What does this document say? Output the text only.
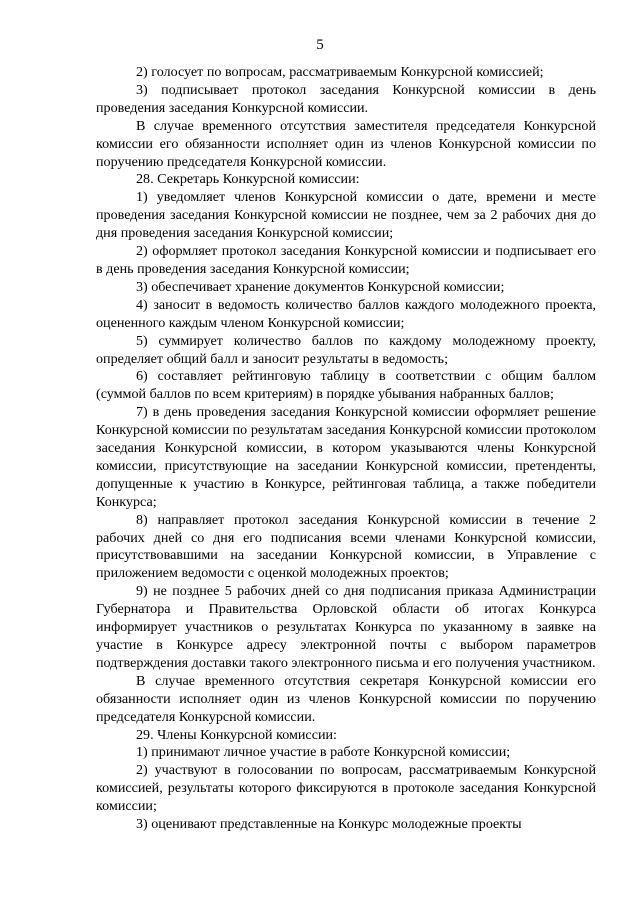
5

2) голосует по вопросам, рассматриваемым Конкурсной комиссией;

3) подписывает протокол заседания Конкурсной комиссии в день проведения заседания Конкурсной комиссии.

В случае временного отсутствия заместителя председателя Конкурсной комиссии его обязанности исполняет один из членов Конкурсной комиссии по поручению председателя Конкурсной комиссии.

28. Секретарь Конкурсной комиссии:

1) уведомляет членов Конкурсной комиссии о дате, времени и месте проведения заседания Конкурсной комиссии не позднее, чем за 2 рабочих дня до дня проведения заседания Конкурсной комиссии;

2) оформляет протокол заседания Конкурсной комиссии и подписывает его в день проведения заседания Конкурсной комиссии;

3) обеспечивает хранение документов Конкурсной комиссии;

4) заносит в ведомость количество баллов каждого молодежного проекта, оцененного каждым членом Конкурсной комиссии;

5) суммирует количество баллов по каждому молодежному проекту, определяет общий балл и заносит результаты в ведомость;

6) составляет рейтинговую таблицу в соответствии с общим баллом (суммой баллов по всем критериям) в порядке убывания набранных баллов;

7) в день проведения заседания Конкурсной комиссии оформляет решение Конкурсной комиссии по результатам заседания Конкурсной комиссии протоколом заседания Конкурсной комиссии, в котором указываются члены Конкурсной комиссии, присутствующие на заседании Конкурсной комиссии, претенденты, допущенные к участию в Конкурсе, рейтинговая таблица, а также победители Конкурса;

8) направляет протокол заседания Конкурсной комиссии в течение 2 рабочих дней со дня его подписания всеми членами Конкурсной комиссии, присутствовавшими на заседании Конкурсной комиссии, в Управление с приложением ведомости с оценкой молодежных проектов;

9) не позднее 5 рабочих дней со дня подписания приказа Администрации Губернатора и Правительства Орловской области об итогах Конкурса информирует участников о результатах Конкурса по указанному в заявке на участие в Конкурсе адресу электронной почты с выбором параметров подтверждения доставки такого электронного письма и его получения участником.

В случае временного отсутствия секретаря Конкурсной комиссии его обязанности исполняет один из членов Конкурсной комиссии по поручению председателя Конкурсной комиссии.

29. Члены Конкурсной комиссии:

1) принимают личное участие в работе Конкурсной комиссии;

2) участвуют в голосовании по вопросам, рассматриваемым Конкурсной комиссией, результаты которого фиксируются в протоколе заседания Конкурсной комиссии;

3) оценивают представленные на Конкурс молодежные проекты
